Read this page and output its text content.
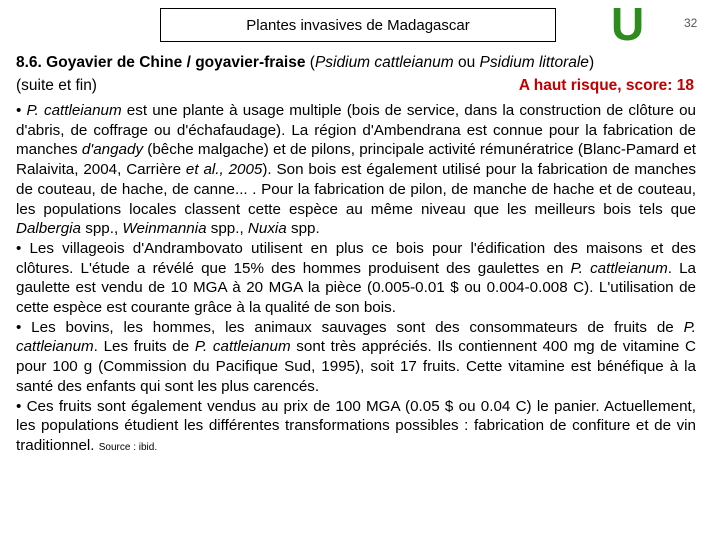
Plantes invasives de Madagascar	U	32
8.6. Goyavier de Chine / goyavier-fraise (Psidium cattleianum ou Psidium littorale)
(suite et fin)	A haut risque, score: 18

• P. cattleianum est une plante à usage multiple (bois de service, dans la construction de clôture ou d'abris, de coffrage ou d'échafaudage). La région d'Ambendrana est connue pour la fabrication de manches d'angady (bêche malgache) et de pilons, principale activité rémunératrice (Blanc-Pamard et Ralaivita, 2004, Carrière et al., 2005). Son bois est également utilisé pour la fabrication de manches de couteau, de hache, de canne... . Pour la fabrication de pilon, de manche de hache et de couteau, les populations locales classent cette espèce au même niveau que les meilleurs bois tels que Dalbergia spp., Weinmannia spp., Nuxia spp.

• Les villageois d'Andrambovato utilisent en plus ce bois pour l'édification des maisons et des clôtures. L'étude a révélé que 15% des hommes produisent des gaulettes en P. cattleianum. La gaulette est vendu de 10 MGA à 20 MGA la pièce (0.005-0.01 $ ou 0.004-0.008 C). L'utilisation de cette espèce est courante grâce à la qualité de son bois.

• Les bovins, les hommes, les animaux sauvages sont des consommateurs de fruits de P. cattleianum. Les fruits de P. cattleianum sont très appréciés. Ils contiennent 400 mg de vitamine C pour 100 g (Commission du Pacifique Sud, 1995), soit 17 fruits. Cette vitamine est bénéfique à la santé des enfants qui sont les plus carencés.

• Ces fruits sont également vendus au prix de 100 MGA (0.05 $ ou 0.04 C) le panier. Actuellement, les populations étudient les différentes transformations possibles : fabrication de confiture et de vin traditionnel. Source : ibid.
